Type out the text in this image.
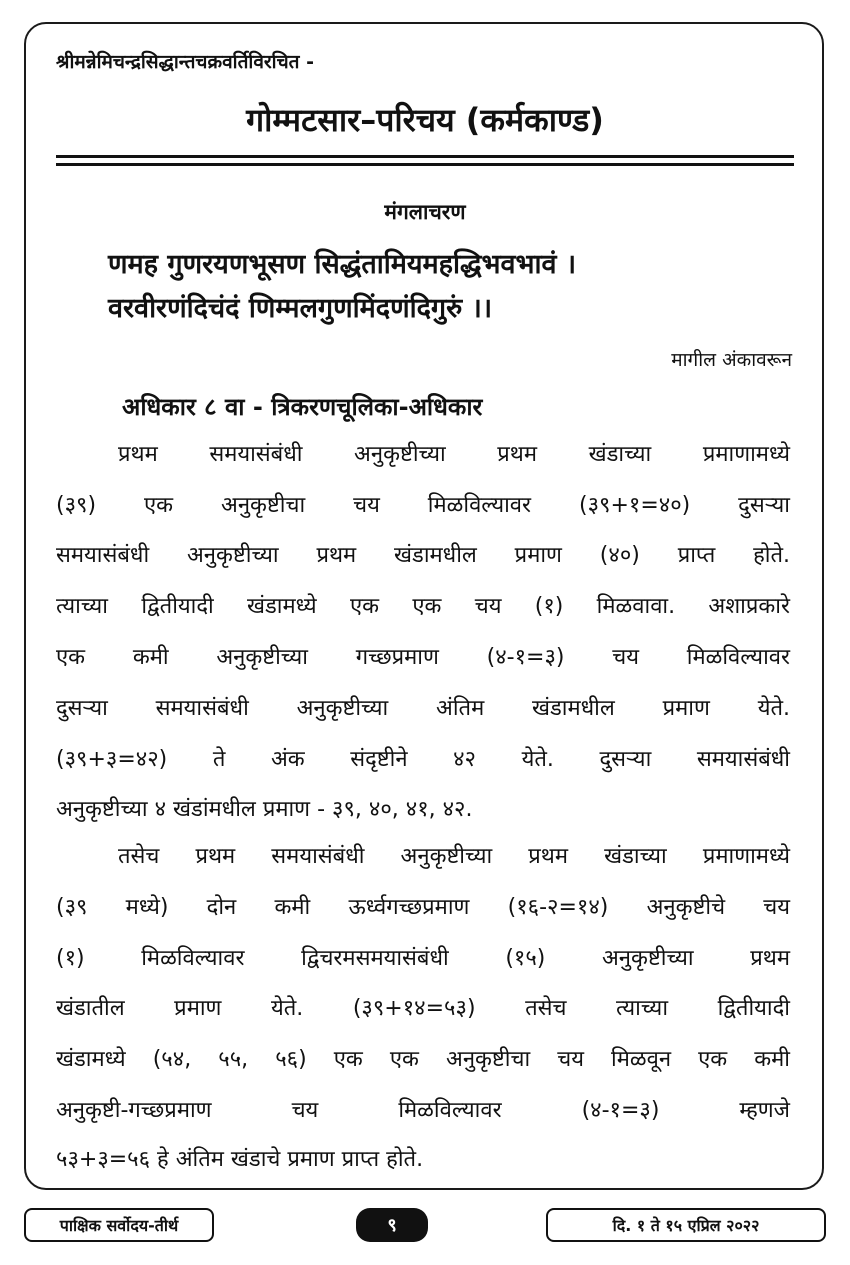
श्रीमन्नेमिचन्द्रसिद्धान्तचक्रवर्तिविरचित -
गोम्मटसार–परिचय (कर्मकाण्ड)
मंगलाचरण
णमह गुणरयणभूसण सिद्धंतामियमहद्धिभवभावं ।
वरवीरणंदिचंदं णिम्मलगुणमिंदणंदिगुरुं ।।
मागील अंकावरून
अधिकार ८ वा - त्रिकरणचूलिका-अधिकार
प्रथम समयासंबंधी अनुकृष्टीच्या प्रथम खंडाच्या प्रमाणामध्ये
(३९) एक अनुकृष्टीचा चय मिळविल्यावर (३९+१=४०) दुसऱ्या
समयासंबंधी अनुकृष्टीच्या प्रथम खंडामधील प्रमाण (४०) प्राप्त होते.
त्याच्या द्वितीयादी खंडामध्ये एक एक चय (१) मिळवावा. अशाप्रकारे
एक कमी अनुकृष्टीच्या गच्छप्रमाण (४-१=३) चय मिळविल्यावर
दुसऱ्या समयासंबंधी अनुकृष्टीच्या अंतिम खंडामधील प्रमाण येते.
(३९+३=४२) ते अंक संदृष्टीने ४२ येते. दुसऱ्या समयासंबंधी
अनुकृष्टीच्या ४ खंडांमधील प्रमाण - ३९, ४०, ४१, ४२.
तसेच प्रथम समयासंबंधी अनुकृष्टीच्या प्रथम खंडाच्या प्रमाणामध्ये
(३९ मध्ये) दोन कमी ऊर्ध्वगच्छप्रमाण (१६-२=१४) अनुकृष्टीचे चय
(१) मिळविल्यावर द्विचरमसमयासंबंधी (१५) अनुकृष्टीच्या प्रथम
खंडातील प्रमाण येते. (३९+१४=५३) तसेच त्याच्या द्वितीयादी
खंडामध्ये (५४, ५५, ५६) एक एक अनुकृष्टीचा चय मिळवून एक कमी
अनुकृष्टी-गच्छप्रमाण चय मिळविल्यावर (४-१=३) म्हणजे
५३+३=५६ हे अंतिम खंडाचे प्रमाण प्राप्त होते.
पाक्षिक सर्वोदय-तीर्थ	९	दि. १ ते १५ एप्रिल २०२२
